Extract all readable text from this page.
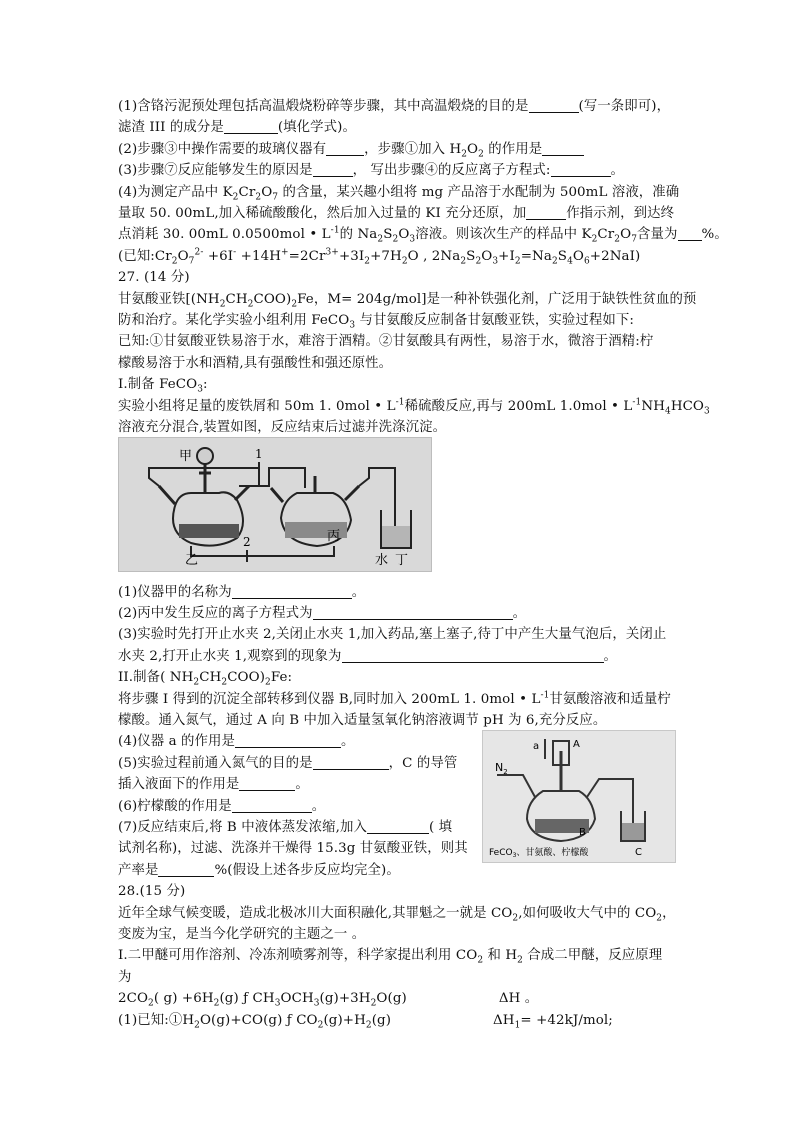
(1)含铬污泥预处理包括高温煅烧粉碎等步骤，其中高温煅烧的目的是	(写一条即可)，
滤渣 III 的成分是	(填化学式)。
(2)步骤③中操作需要的玻璃仪器有	，步骤①加入 $H_2O_2$ 的作用是
(3)步骤⑦反应能够发生的原因是	， 写出步骤④的反应离子方程式:	。
(4)为测定产品中 $K_2Cr_2O_7$ 的含量，某兴趣小组将 mg 产品溶于水配制为 500mL 溶液，准确
量取 50. 00mL,加入稀硫酸酸化，然后加入过量的 KI 充分还原，加	作指示剂，到达终
点消耗 30. 00mL 0.0500mol • $L^{-1}$的 $Na_2S_2O_3$溶液。则该次生产的样品中 $K_2Cr_2O_7$含量为 %。
(已知$:Cr_2O_7^{2-} +6I^- +14H^+=2Cr^{3+}+3I_2+7H_2O$ , $2Na_2S_2O_3+I_2=Na_2S_4O_6+2NaI$)
27. (14 分)
甘氨酸亚铁[$(NH_2CH_2COO)_2Fe$，M= 204g/mol]是一种补铁强化剂，广泛用于缺铁性贫血的预
防和治疗。某化学实验小组利用 FeCO$_3$ 与甘氨酸反应制备甘氨酸亚铁，实验过程如下:
已知:①甘氨酸亚铁易溶于水，难溶于酒精。②甘氨酸具有两性，易溶于水，微溶于酒精:柠
檬酸易溶于水和酒精,具有强酸性和强还原性。
I.制备 FeCO$_3$:
实验小组将足量的废铁屑和 50m 1. 0mol • $L^{-1}$稀硫酸反应,再与 200mL 1.0mol • $L^{-1}NH_4HCO_3$
溶液充分混合,装置如图，反应结束后过滤并洗涤沉淀。
(1)仪器甲的名称为	。
(2)丙中发生反应的离子方程式为	。
(3)实验时先打开止水夹 2,关闭止水夹 1,加入药品,塞上塞子,待丁中产生大量气泡后，关闭止
水夹 2,打开止水夹 1,观察到的现象为	。
II.制备( $NH_2CH_2COO)_2Fe$:
将步骤 I 得到的沉淀全部转移到仪器 B,同时加入 200mL 1. 0mol • $L^{-1}$甘氨酸溶液和适量柠
檬酸。通入氮气，通过 A 向 B 中加入适量氢氧化钠溶液调节 pH 为 6,充分反应。
(4)仪器 a 的作用是	。
(5)实验过程前通入氮气的目的是	，C 的导管
插入液面下的作用是	。
(6)柠檬酸的作用是	。
(7)反应结束后,将 B 中液体蒸发浓缩,加入	( 填
试剂名称)，过滤、洗涤并干燥得 15.3g 甘氨酸亚铁，则其
产率是	%(假设上述各步反应均完全)。
28.(15 分)
近年全球气候变暖，造成北极冰川大面积融化,其罪魁之一就是 $CO_2$,如何吸收大气中的 $CO_2$，
变废为宝，是当今化学研究的主题之一 。
I.二甲醚可用作溶剂、冷冻剂喷雾剂等，科学家提出利用 $CO_2$ 和 $H_2$ 合成二甲醚，反应原理
为
$2CO_2$( $g) +6H_2(g)$ ƒ $CH_3OCH_3(g)+3H_2O(g)$	ΔH 。
(1)已知$:①H_2O(g)+CO(g)$ ƒ $CO_2(g)+H_2(g)$	$\Delta H_1= +42kJ/mol$;
甲	1
乙
2	丙
水 丁
$N_2$
a	A
B
C
FeCO$_3$、甘氨酸、柠檬酸
